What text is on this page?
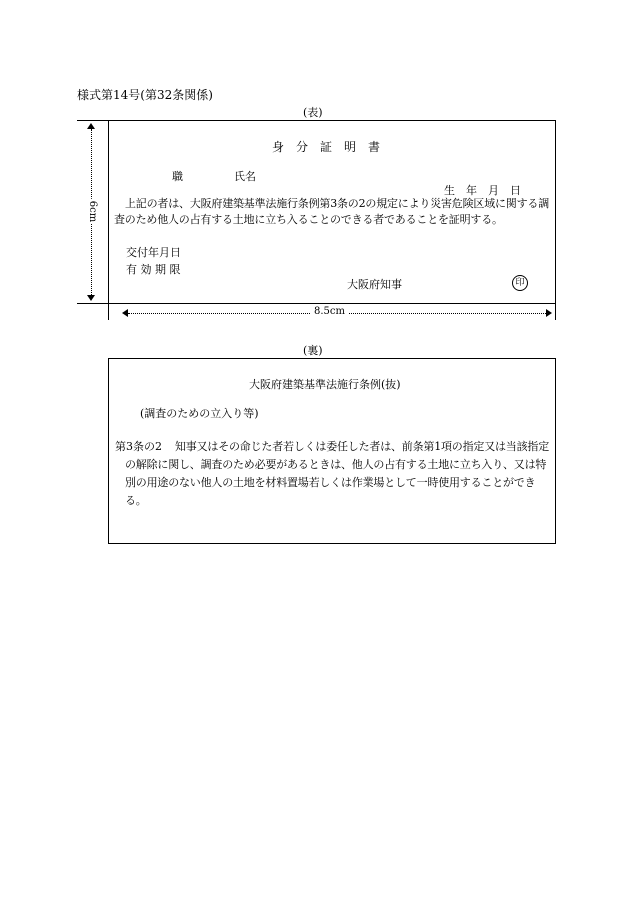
様式第14号(第32条関係)
(表)
6cm
8.5cm
身　分　証　明　書
職	氏名
生　年　月　日
上記の者は、大阪府建築基準法施行条例第3条の2の規定により災害危険区域に関する調査のため他人の占有する土地に立ち入ることのできる者であることを証明する。
交付年月日
有 効 期 限
大阪府知事	印
(裏)
大阪府建築基準法施行条例(抜)
(調査のための立入り等)
第3条の2	知事又はその命じた者若しくは委任した者は、前条第1項の指定又は当該指定の解除に関し、調査のため必要があるときは、他人の占有する土地に立ち入り、又は特別の用途のない他人の土地を材料置場若しくは作業場として一時使用することができる。
